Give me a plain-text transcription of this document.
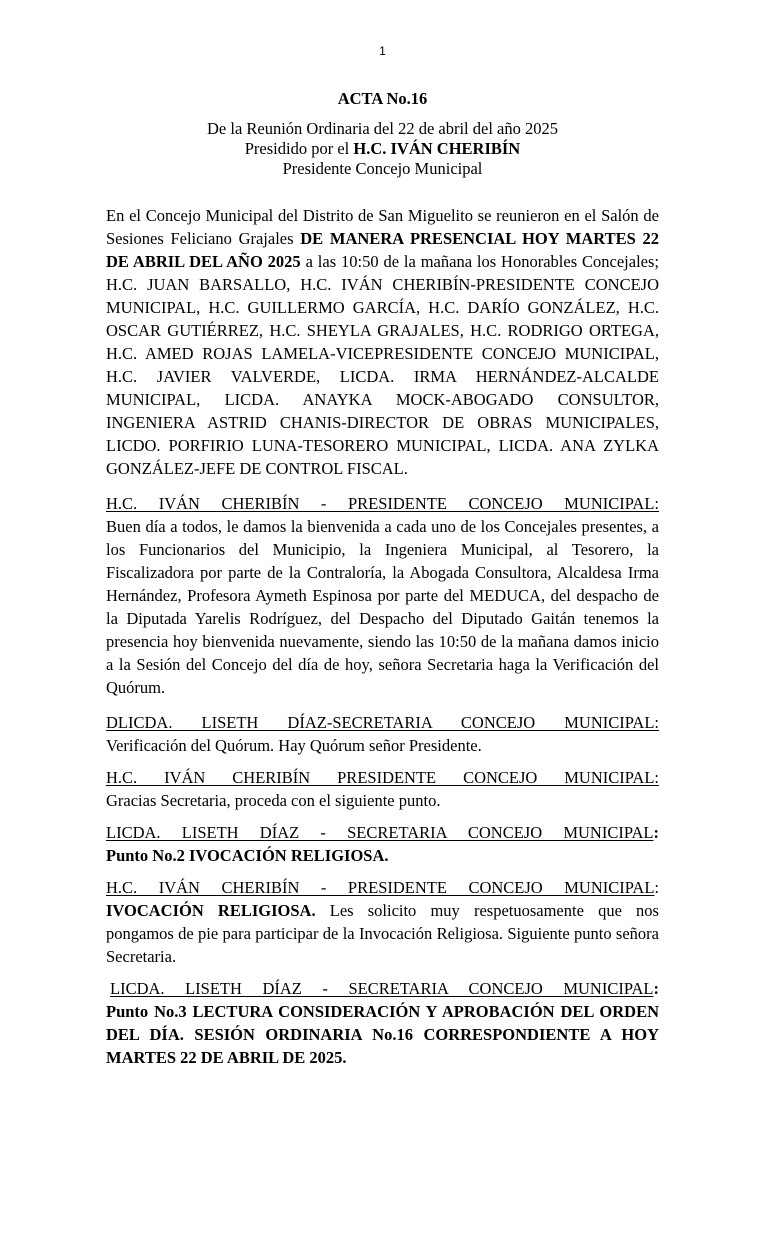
1
ACTA No.16
De la Reunión Ordinaria del 22 de abril del año 2025
Presidido por el H.C. IVÁN CHERIBÍN
Presidente Concejo Municipal

En el Concejo Municipal del Distrito de San Miguelito se reunieron en el Salón de Sesiones Feliciano Grajales DE MANERA PRESENCIAL HOY MARTES 22 DE ABRIL DEL AÑO 2025 a las 10:50 de la mañana los Honorables Concejales; H.C. JUAN BARSALLO, H.C. IVÁN CHERIBÍN-PRESIDENTE CONCEJO MUNICIPAL, H.C. GUILLERMO GARCÍA, H.C. DARÍO GONZÁLEZ, H.C. OSCAR GUTIÉRREZ, H.C. SHEYLA GRAJALES, H.C. RODRIGO ORTEGA, H.C. AMED ROJAS LAMELA-VICEPRESIDENTE CONCEJO MUNICIPAL, H.C. JAVIER VALVERDE, LICDA. IRMA HERNÁNDEZ-ALCALDE MUNICIPAL, LICDA. ANAYKA MOCK-ABOGADO CONSULTOR, INGENIERA ASTRID CHANIS-DIRECTOR DE OBRAS MUNICIPALES, LICDO. PORFIRIO LUNA-TESORERO MUNICIPAL, LICDA. ANA ZYLKA GONZÁLEZ-JEFE DE CONTROL FISCAL.

H.C. IVÁN CHERIBÍN - PRESIDENTE CONCEJO MUNICIPAL:
Buen día a todos, le damos la bienvenida a cada uno de los Concejales presentes, a los Funcionarios del Municipio, la Ingeniera Municipal, al Tesorero, la Fiscalizadora por parte de la Contraloría, la Abogada Consultora, Alcaldesa Irma Hernández, Profesora Aymeth Espinosa por parte del MEDUCA, del despacho de la Diputada Yarelis Rodríguez, del Despacho del Diputado Gaitán tenemos la presencia hoy bienvenida nuevamente, siendo las 10:50 de la mañana damos inicio a la Sesión del Concejo del día de hoy, señora Secretaria haga la Verificación del Quórum.
DLICDA. LISETH DÍAZ-SECRETARIA CONCEJO MUNICIPAL:
Verificación del Quórum. Hay Quórum señor Presidente.
H.C. IVÁN CHERIBÍN PRESIDENTE CONCEJO MUNICIPAL:
Gracias Secretaria, proceda con el siguiente punto.
LICDA. LISETH DÍAZ - SECRETARIA CONCEJO MUNICIPAL :
Punto No.2 IVOCACIÓN RELIGIOSA.
H.C. IVÁN CHERIBÍN - PRESIDENTE CONCEJO MUNICIPAL :
IVOCACIÓN RELIGIOSA. Les solicito muy respetuosamente que nos pongamos de pie para participar de la Invocación Religiosa. Siguiente punto señora Secretaria.
LICDA. LISETH DÍAZ - SECRETARIA CONCEJO MUNICIPAL :
Punto No.3 LECTURA CONSIDERACIÓN Y APROBACIÓN DEL ORDEN DEL DÍA. SESIÓN ORDINARIA No.16 CORRESPONDIENTE A HOY MARTES 22 DE ABRIL DE 2025.
